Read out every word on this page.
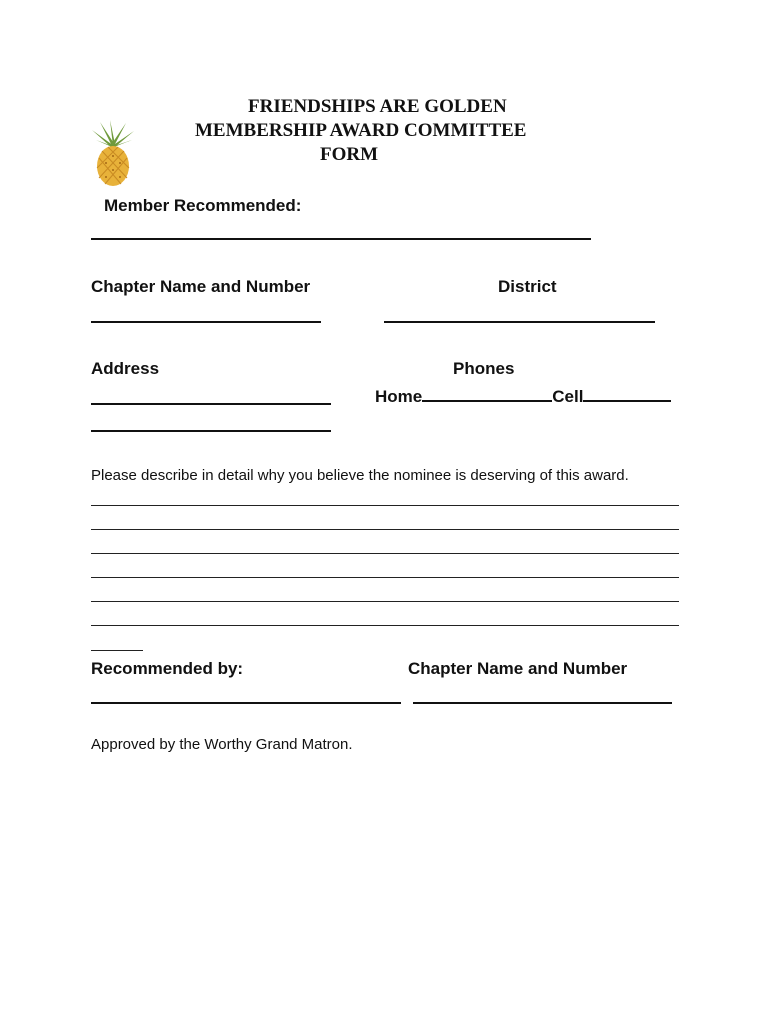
FRIENDSHIPS ARE GOLDEN
MEMBERSHIP AWARD COMMITTEE
FORM
Member Recommended:
Chapter Name and Number	District
Address	Phones
Home	Cell
Please describe in detail why you believe the nominee is deserving of this award.
Recommended by:	Chapter Name and Number
Approved by the Worthy Grand Matron.
